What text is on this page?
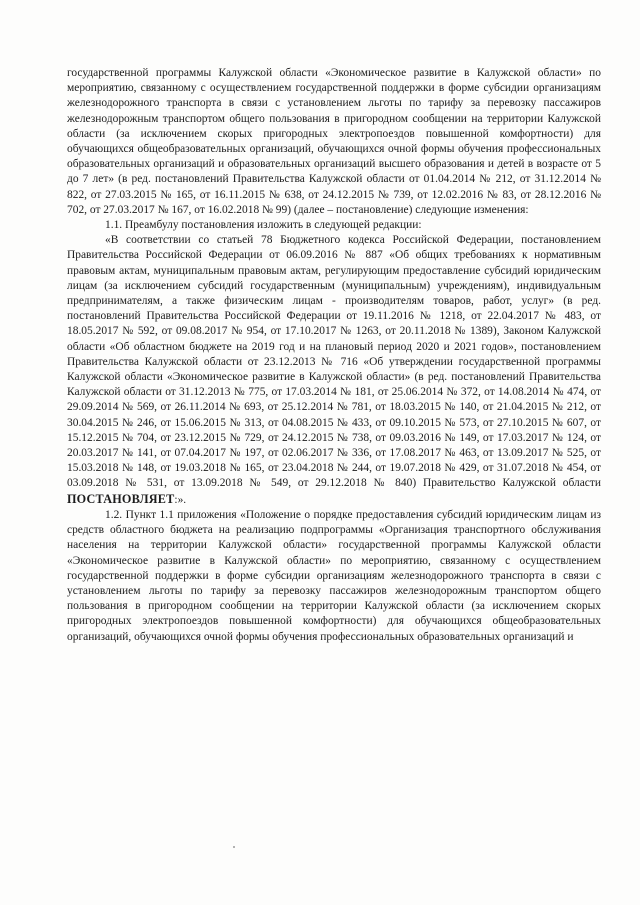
государственной программы Калужской области «Экономическое развитие в Калужской области» по мероприятию, связанному с осуществлением государственной поддержки в форме субсидии организациям железнодорожного транспорта в связи с установлением льготы по тарифу за перевозку пассажиров железнодорожным транспортом общего пользования в пригородном сообщении на территории Калужской области (за исключением скорых пригородных электропоездов повышенной комфортности) для обучающихся общеобразовательных организаций, обучающихся очной формы обучения профессиональных образовательных организаций и образовательных организаций высшего образования и детей в возрасте от 5 до 7 лет» (в ред. постановлений Правительства Калужской области от 01.04.2014 № 212, от 31.12.2014 № 822, от 27.03.2015 № 165, от 16.11.2015 № 638, от 24.12.2015 № 739, от 12.02.2016 № 83, от 28.12.2016 № 702, от 27.03.2017 № 167, от 16.02.2018 № 99) (далее – постановление) следующие изменения:

1.1. Преамбулу постановления изложить в следующей редакции:

«В соответствии со статьей 78 Бюджетного кодекса Российской Федерации, постановлением Правительства Российской Федерации от 06.09.2016 № 887 «Об общих требованиях к нормативным правовым актам, муниципальным правовым актам, регулирующим предоставление субсидий юридическим лицам (за исключением субсидий государственным (муниципальным) учреждениям), индивидуальным предпринимателям, а также физическим лицам - производителям товаров, работ, услуг» (в ред. постановлений Правительства Российской Федерации от 19.11.2016 № 1218, от 22.04.2017 № 483, от 18.05.2017 № 592, от 09.08.2017 № 954, от 17.10.2017 № 1263, от 20.11.2018 № 1389), Законом Калужской области «Об областном бюджете на 2019 год и на плановый период 2020 и 2021 годов», постановлением Правительства Калужской области от 23.12.2013 № 716 «Об утверждении государственной программы Калужской области «Экономическое развитие в Калужской области» (в ред. постановлений Правительства Калужской области от 31.12.2013 № 775, от 17.03.2014 № 181, от 25.06.2014 № 372, от 14.08.2014 № 474, от 29.09.2014 № 569, от 26.11.2014 № 693, от 25.12.2014 № 781, от 18.03.2015 № 140, от 21.04.2015 № 212, от 30.04.2015 № 246, от 15.06.2015 № 313, от 04.08.2015 № 433, от 09.10.2015 № 573, от 27.10.2015 № 607, от 15.12.2015 № 704, от 23.12.2015 № 729, от 24.12.2015 № 738, от 09.03.2016 № 149, от 17.03.2017 № 124, от 20.03.2017 № 141, от 07.04.2017 № 197, от 02.06.2017 № 336, от 17.08.2017 № 463, от 13.09.2017 № 525, от 15.03.2018 № 148, от 19.03.2018 № 165, от 23.04.2018 № 244, от 19.07.2018 № 429, от 31.07.2018 № 454, от 03.09.2018 № 531, от 13.09.2018 № 549, от 29.12.2018 № 840) Правительство Калужской области ПОСТАНОВЛЯЕТ:».

1.2. Пункт 1.1 приложения «Положение о порядке предоставления субсидий юридическим лицам из средств областного бюджета на реализацию подпрограммы «Организация транспортного обслуживания населения на территории Калужской области» государственной программы Калужской области «Экономическое развитие в Калужской области» по мероприятию, связанному с осуществлением государственной поддержки в форме субсидии организациям железнодорожного транспорта в связи с установлением льготы по тарифу за перевозку пассажиров железнодорожным транспортом общего пользования в пригородном сообщении на территории Калужской области (за исключением скорых пригородных электропоездов повышенной комфортности) для обучающихся общеобразовательных организаций, обучающихся очной формы обучения профессиональных образовательных организаций и
